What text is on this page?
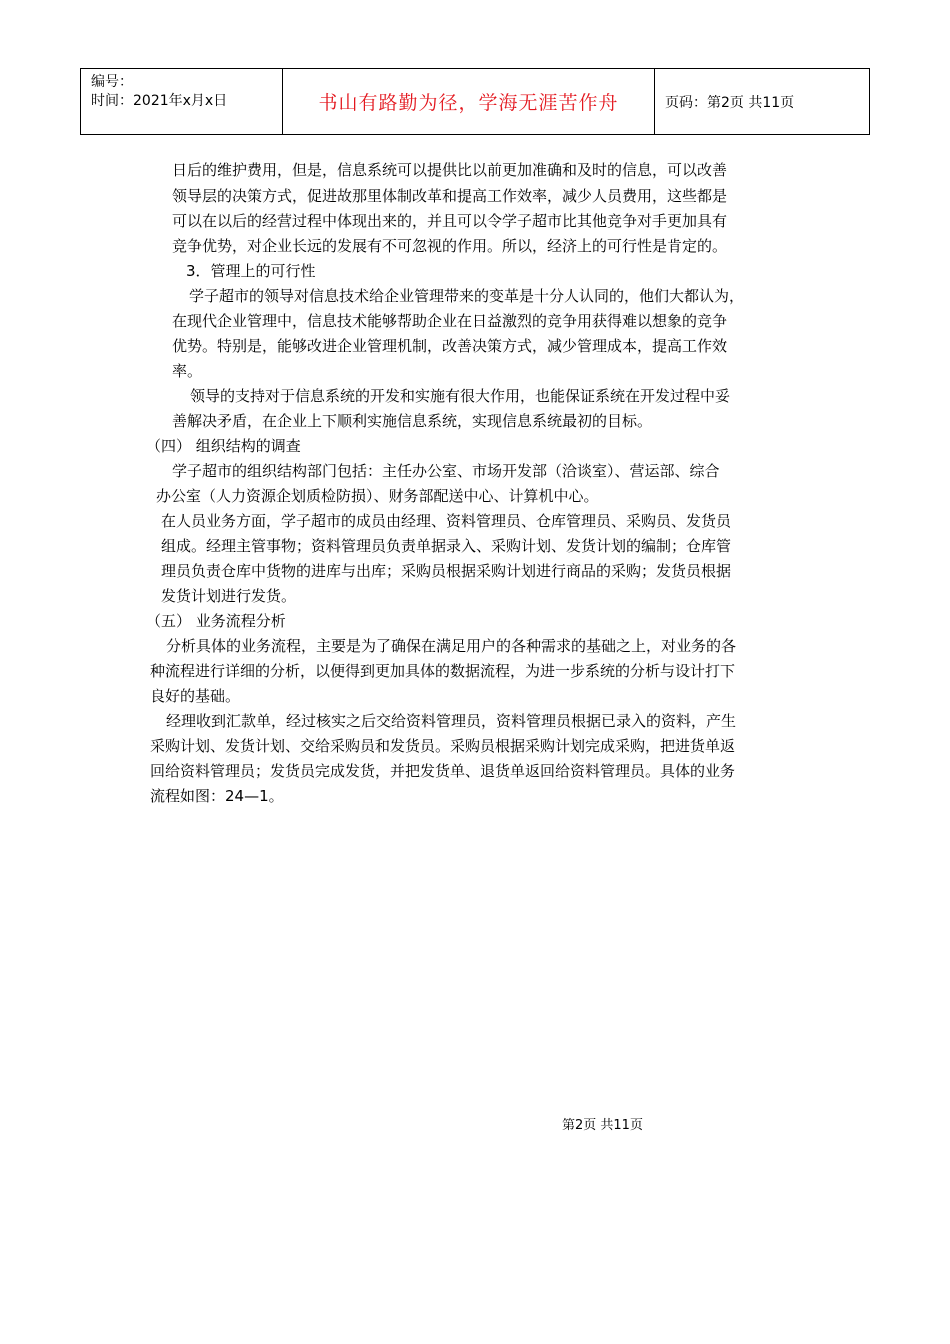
编号：
时间：2021年x月x日	书山有路勤为径，学海无涯苦作舟	页码：第2页 共11页
日后的维护费用，但是，信息系统可以提供比以前更加准确和及时的信息，可以改善
领导层的决策方式，促进故那里体制改革和提高工作效率，减少人员费用，这些都是
可以在以后的经营过程中体现出来的，并且可以令学子超市比其他竞争对手更加具有
竞争优势，对企业长远的发展有不可忽视的作用。所以，经济上的可行性是肯定的。
3．管理上的可行性
学子超市的领导对信息技术给企业管理带来的变革是十分人认同的，他们大都认为，
在现代企业管理中，信息技术能够帮助企业在日益激烈的竞争用获得难以想象的竞争
优势。特别是，能够改进企业管理机制，改善决策方式，减少管理成本，提高工作效
率。
领导的支持对于信息系统的开发和实施有很大作用，也能保证系统在开发过程中妥
善解决矛盾，在企业上下顺利实施信息系统，实现信息系统最初的目标。
（四） 组织结构的调查
学子超市的组织结构部门包括：主任办公室、市场开发部（洽谈室）、营运部、综合
办公室（人力资源企划质检防损）、财务部配送中心、计算机中心。
在人员业务方面，学子超市的成员由经理、资料管理员、仓库管理员、采购员、发货员
组成。经理主管事物；资料管理员负责单据录入、采购计划、发货计划的编制；仓库管
理员负责仓库中货物的进库与出库；采购员根据采购计划进行商品的采购；发货员根据
发货计划进行发货。
（五） 业务流程分析
分析具体的业务流程，主要是为了确保在满足用户的各种需求的基础之上，对业务的各
种流程进行详细的分析，以便得到更加具体的数据流程，为进一步系统的分析与设计打下
良好的基础。
经理收到汇款单，经过核实之后交给资料管理员，资料管理员根据已录入的资料，产生
采购计划、发货计划、交给采购员和发货员。采购员根据采购计划完成采购，把进货单返
回给资料管理员；发货员完成发货，并把发货单、退货单返回给资料管理员。具体的业务
流程如图：24—1。
第2页 共11页
